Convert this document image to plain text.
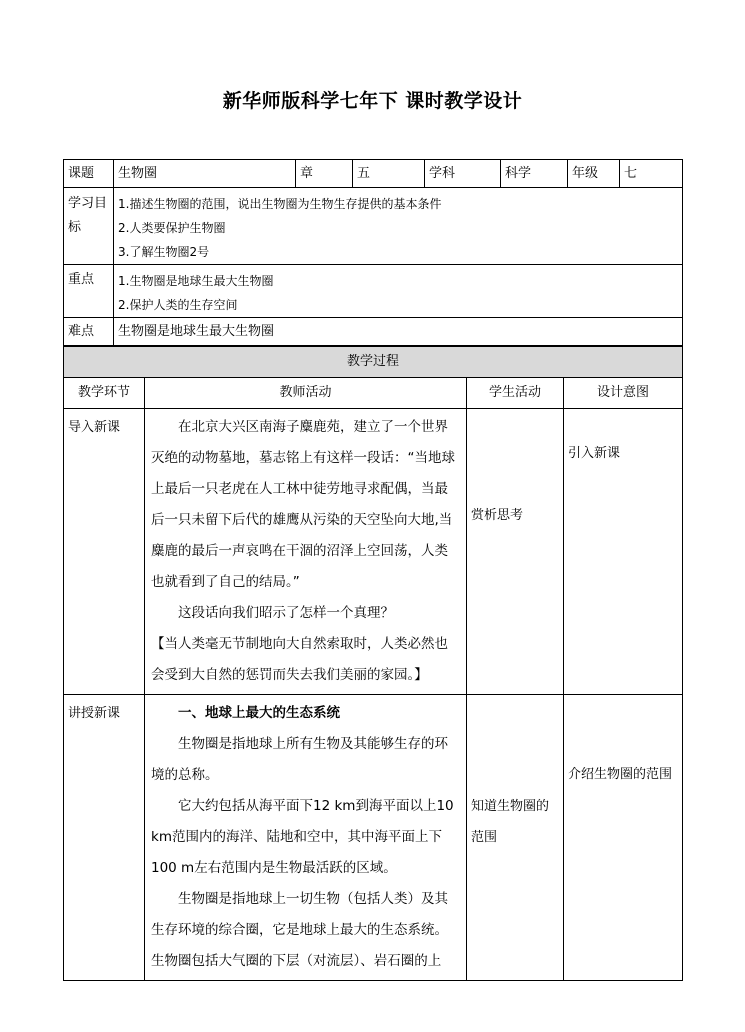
新华师版科学七年下 课时教学设计
课题	生物圈	章	五	学科	科学	年级	七
学习目标	1.描述生物圈的范围，说出生物圈为生物生存提供的基本条件
2.人类要保护生物圈
3.了解生物圈2号						

重点	1.生物圈是地球生最大生物圈
2.保护人类的生存空间						

难点	生物圈是地球生最大生物圈						
教学过程			
教学环节	教师活动	学生活动	设计意图
导入新课	在北京大兴区南海子麋鹿苑，建立了一个世界灭绝的动物墓地，墓志铭上有这样一段话：“当地球上最后一只老虎在人工林中徒劳地寻求配偶，当最后一只未留下后代的雄鹰从污染的天空坠向大地,当麋鹿的最后一声哀鸣在干涸的沼泽上空回荡，人类也就看到了自己的结局。”

这段话向我们昭示了怎样一个真理？

【当人类毫无节制地向大自然索取时，人类必然也会受到大自然的惩罚而失去我们美丽的家园。】	赏析思考	引入新课
讲授新课	一、地球上最大的生态系统

生物圈是指地球上所有生物及其能够生存的环境的总称。

它大约包括从海平面下12 km到海平面以上10 km范围内的海洋、陆地和空中，其中海平面上下100 m左右范围内是生物最活跃的区域。

生物圈是指地球上一切生物（包括人类）及其生存环境的综合圈，它是地球上最大的生态系统。生物圈包括大气圈的下层（对流层）、岩石圈的上	知道生物圈的范围	介绍生物圈的范围
